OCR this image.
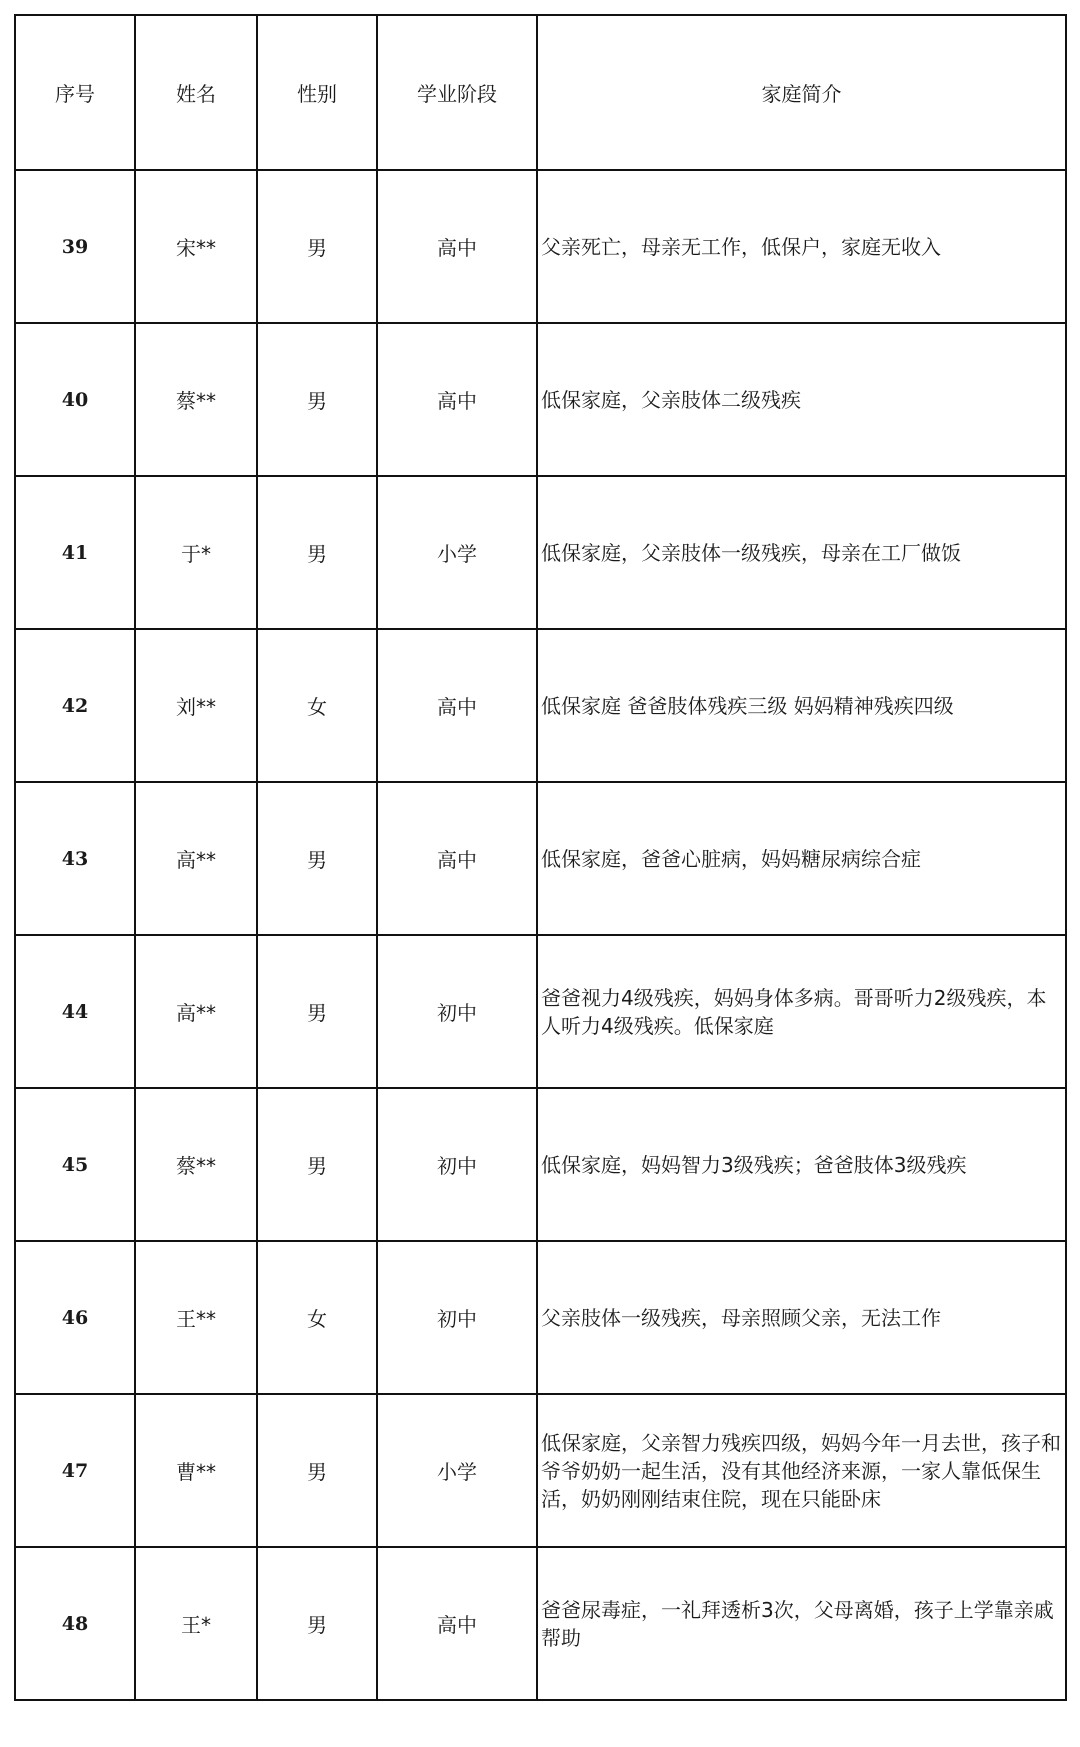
序号	姓名	性别	学业阶段	家庭简介
39	宋**	男	高中	父亲死亡，母亲无工作，低保户，家庭无收入
40	蔡**	男	高中	低保家庭，父亲肢体二级残疾
41	于*	男	小学	低保家庭，父亲肢体一级残疾，母亲在工厂做饭
42	刘**	女	高中	低保家庭 爸爸肢体残疾三级 妈妈精神残疾四级
43	高**	男	高中	低保家庭，爸爸心脏病，妈妈糖尿病综合症
44	高**	男	初中	爸爸视力4级残疾，妈妈身体多病。哥哥听力2级残疾，本人听力4级残疾。低保家庭
45	蔡**	男	初中	低保家庭，妈妈智力3级残疾；爸爸肢体3级残疾
46	王**	女	初中	父亲肢体一级残疾，母亲照顾父亲，无法工作
47	曹**	男	小学	低保家庭，父亲智力残疾四级，妈妈今年一月去世，孩子和爷爷奶奶一起生活，没有其他经济来源，一家人靠低保生活，奶奶刚刚结束住院，现在只能卧床
48	王*	男	高中	爸爸尿毒症，一礼拜透析3次，父母离婚，孩子上学靠亲戚帮助
